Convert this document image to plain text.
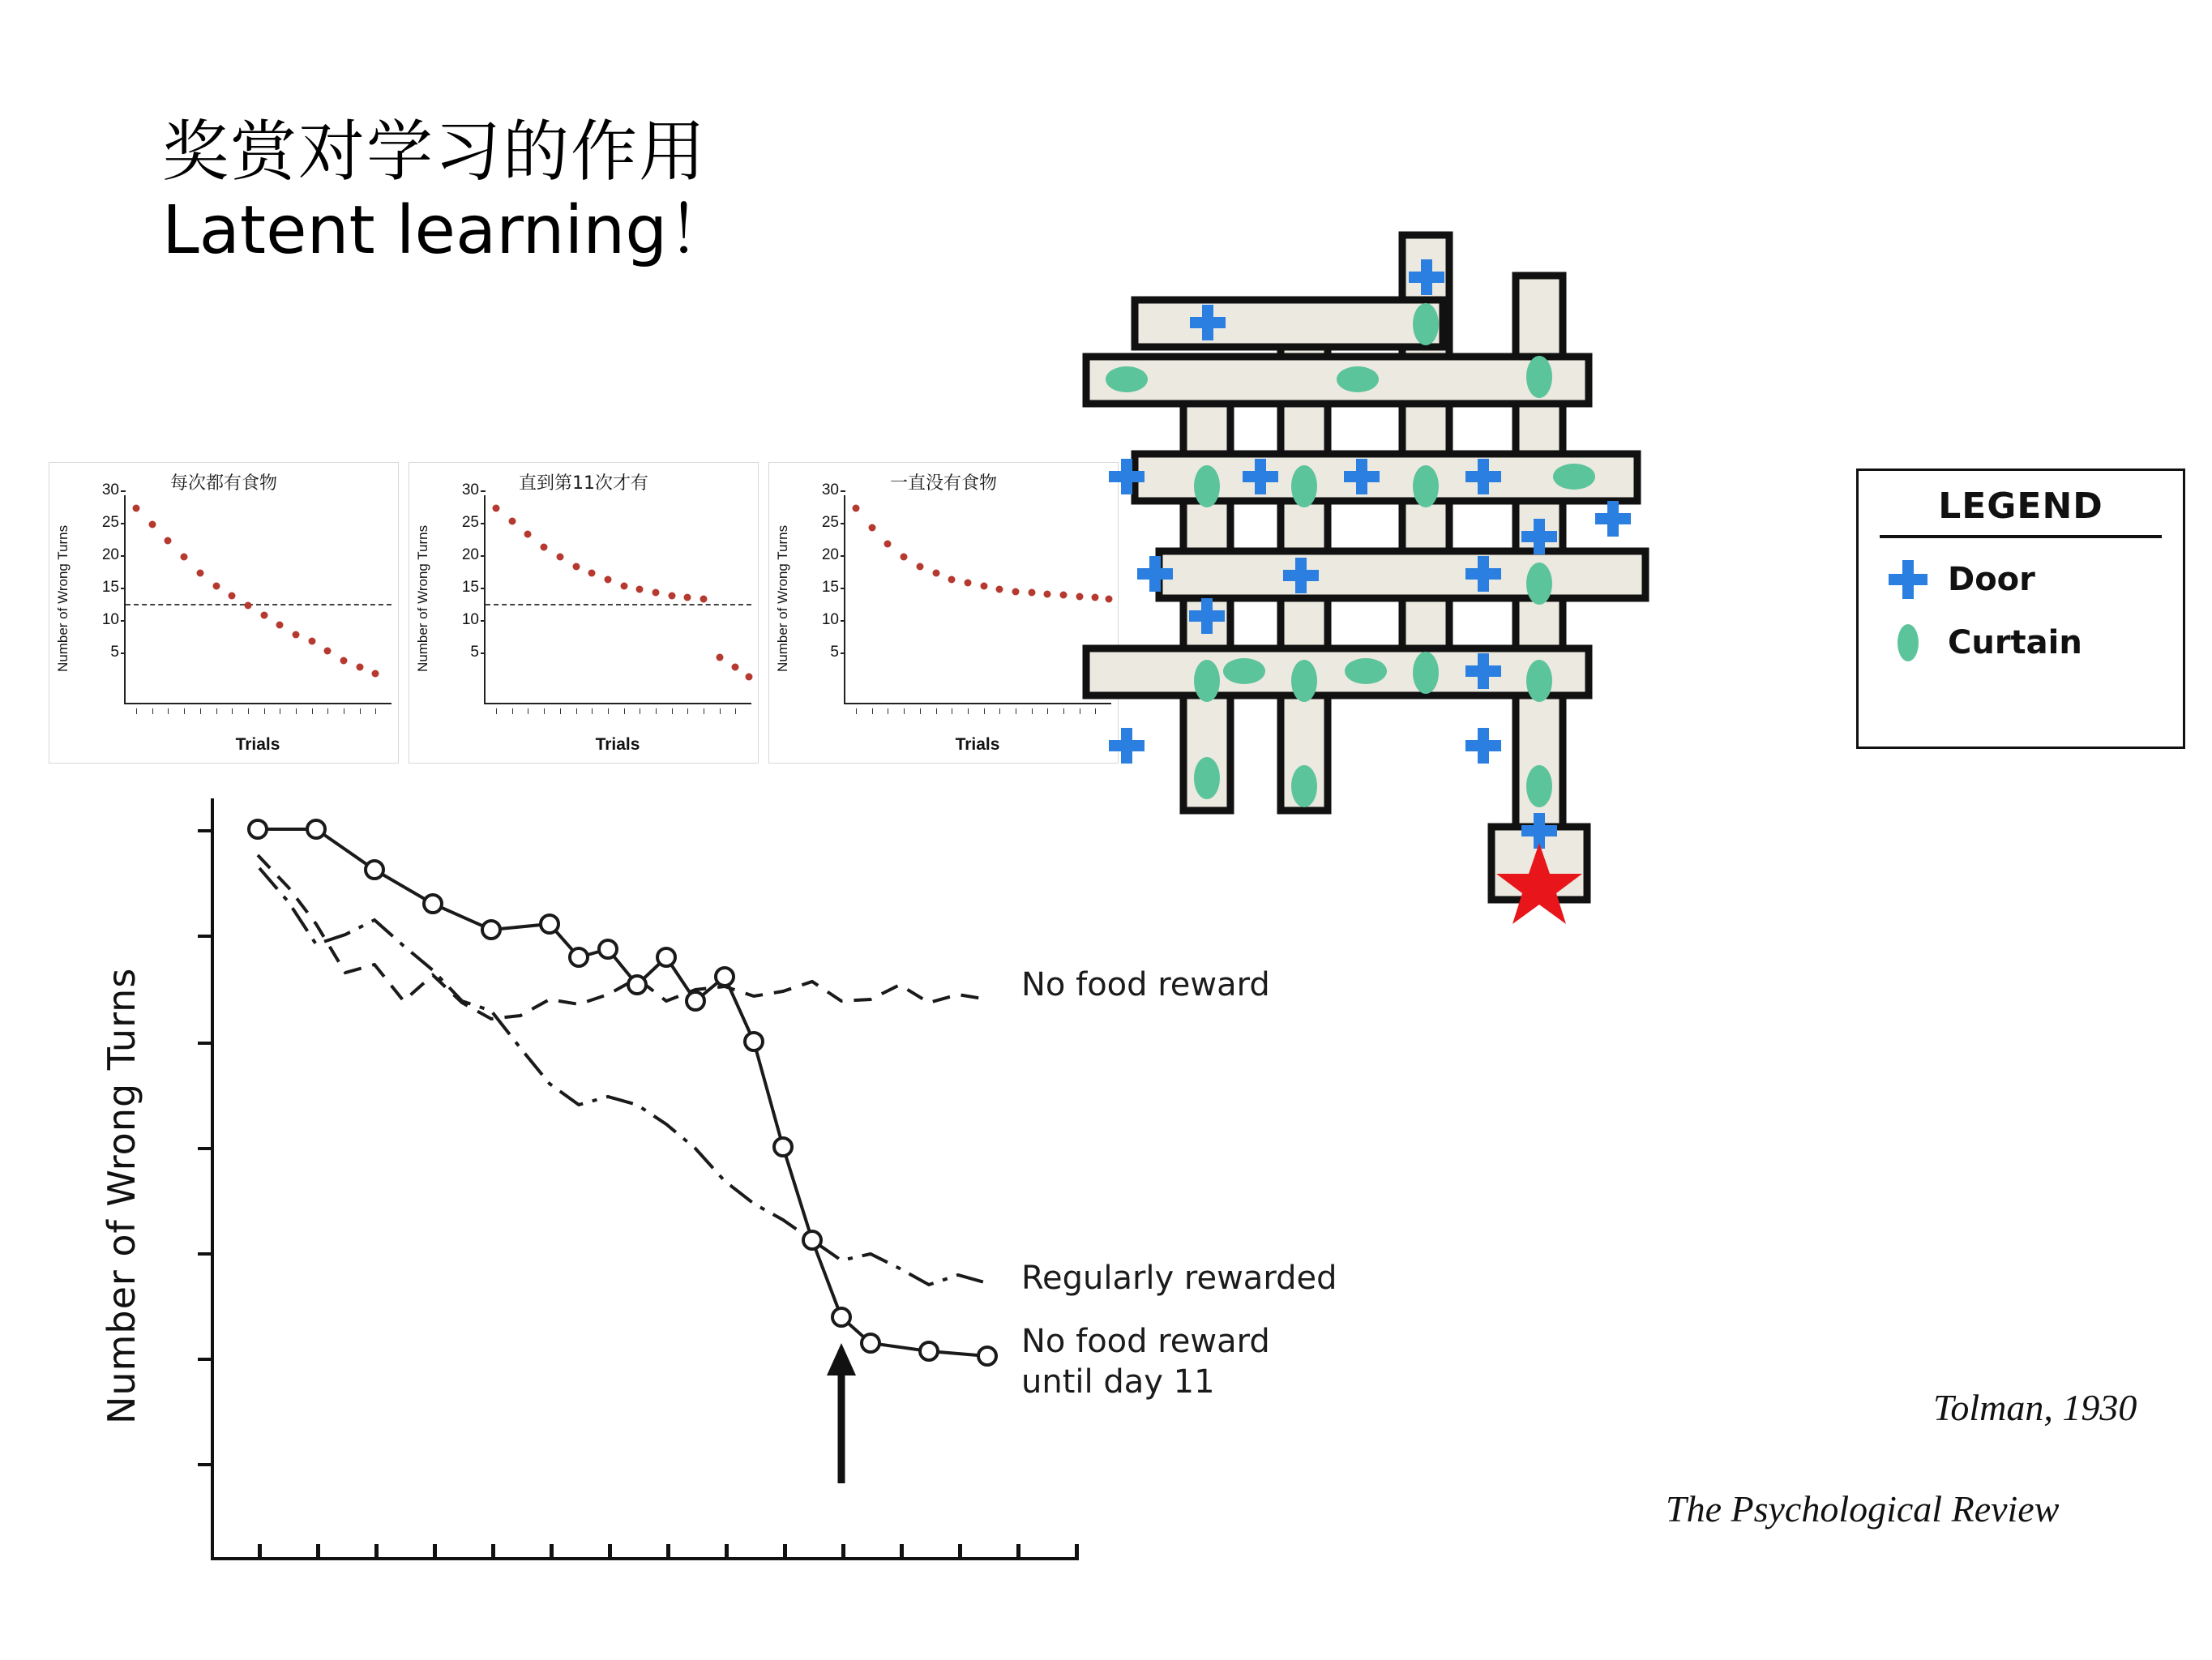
奖赏对学习的作用
Latent learning！
每次都有食物
Number of Wrong Turns
30
25
20
15
10
5
Trials
直到第11次才有
Number of Wrong Turns
30
25
20
15
10
5
Trials
一直没有食物
Number of Wrong Turns
30
25
20
15
10
5
Trials
Number of Wrong Turns	No food reward
Regularly rewarded
No food reward
until day 11
LEGEND
Door
Curtain
Tolman, 1930
The Psychological Review
